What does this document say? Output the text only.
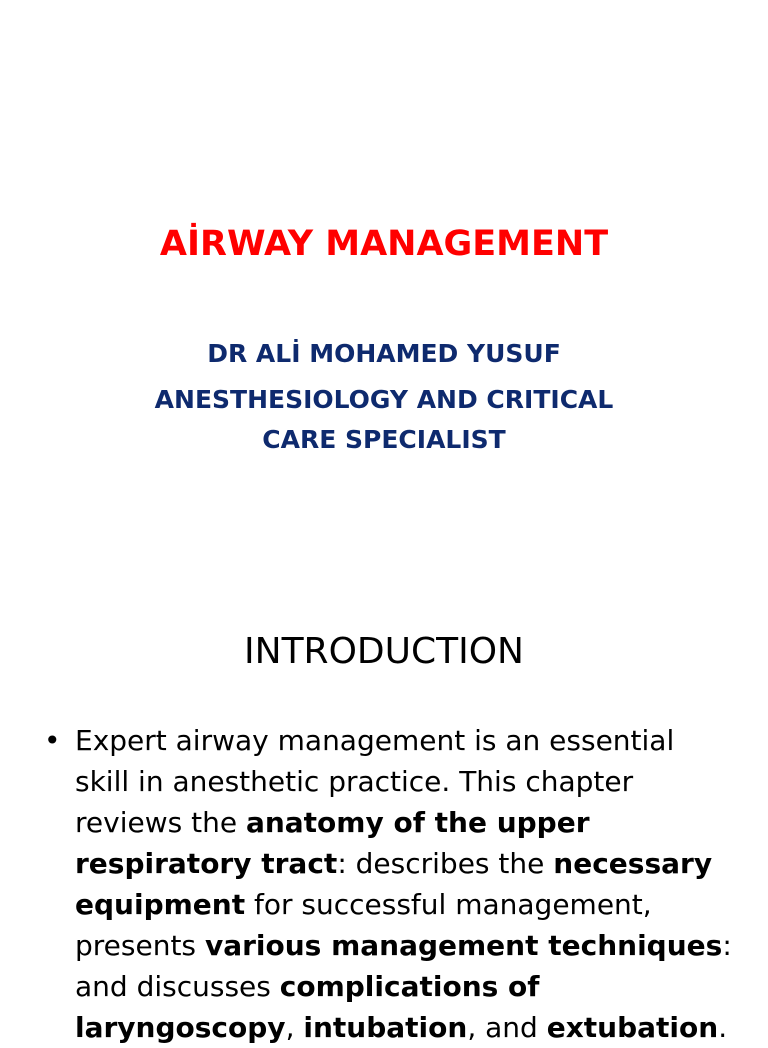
AİRWAY MANAGEMENT
DR ALİ MOHAMED YUSUF
ANESTHESIOLOGY AND CRITICAL
CARE SPECIALIST
INTRODUCTION
• Expert airway management is an essential skill in anesthetic practice. This chapter reviews the anatomy of the upper respiratory tract: describes the necessary equipment for successful management, presents various management techniques: and discusses complications of laryngoscopy, intubation, and extubation.
